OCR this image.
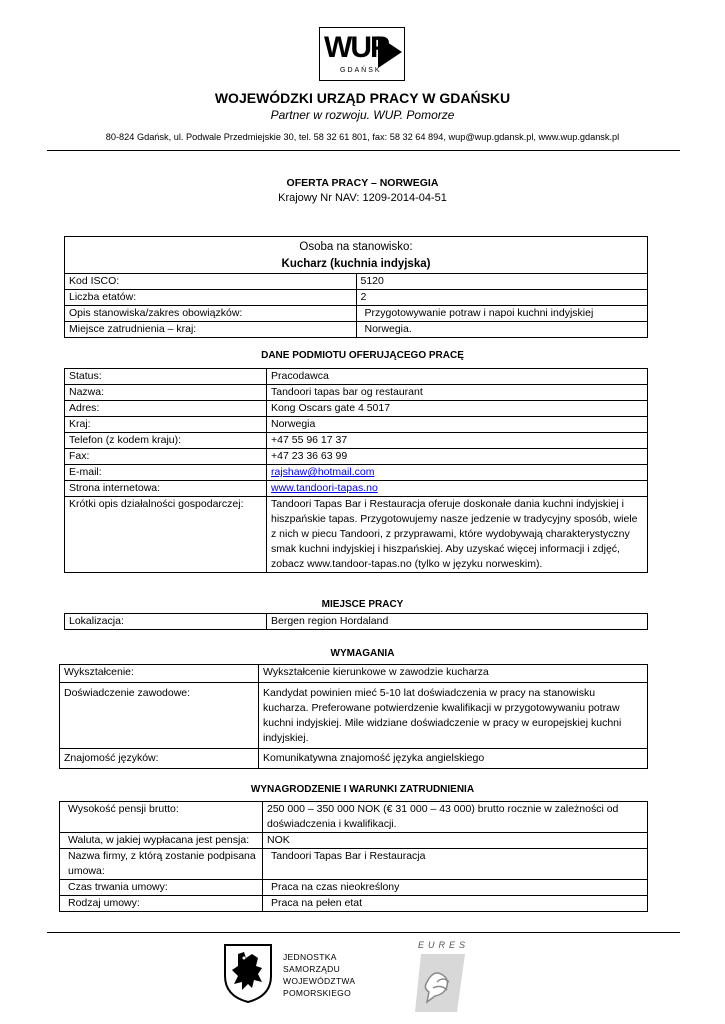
WUP
GDAŃSK
WOJEWÓDZKI URZĄD PRACY W GDAŃSKU
Partner w rozwoju. WUP. Pomorze
80-824 Gdańsk, ul. Podwale Przedmiejskie 30, tel. 58 32 61 801, fax: 58 32 64 894, wup@wup.gdansk.pl, www.wup.gdansk.pl
OFERTA PRACY – NORWEGIA
Krajowy Nr NAV: 1209-2014-04-51
Osoba na stanowisko:
Kucharz (kuchnia indyjska)	
Kod ISCO:	5120
Liczba etatów:	2
Opis stanowiska/zakres obowiązków:	Przygotowywanie potraw i napoi kuchni indyjskiej
Miejsce zatrudnienia – kraj:	Norwegia.
DANE PODMIOTU OFERUJĄCEGO PRACĘ
Status:	Pracodawca
Nazwa:	Tandoori tapas bar og restaurant
Adres:	Kong Oscars gate 4 5017
Kraj:	Norwegia
Telefon (z kodem kraju):	+47 55 96 17 37
Fax:	+47 23 36 63 99
E-mail:	rajshaw@hotmail.com
Strona internetowa:	www.tandoori-tapas.no
Krótki opis działalności gospodarczej:	Tandoori Tapas Bar i Restauracja oferuje doskonałe dania kuchni indyjskiej i hiszpańskie tapas. Przygotowujemy nasze jedzenie w tradycyjny sposób, wiele z nich w piecu Tandoori, z przyprawami, które wydobywają charakterystyczny smak kuchni indyjskiej i hiszpańskiej. Aby uzyskać więcej informacji i zdjęć, zobacz www.tandoor-tapas.no (tylko w języku norweskim).
MIEJSCE PRACY
Lokalizacja:	Bergen region Hordaland
WYMAGANIA
Wykształcenie:	Wykształcenie kierunkowe w zawodzie kucharza
Doświadczenie zawodowe:	Kandydat powinien mieć 5-10 lat doświadczenia w pracy na stanowisku kucharza. Preferowane potwierdzenie kwalifikacji w przygotowywaniu potraw kuchni indyjskiej. Mile widziane doświadczenie w pracy w europejskiej kuchni indyjskiej.
Znajomość języków:	Komunikatywna znajomość języka angielskiego
WYNAGRODZENIE I WARUNKI ZATRUDNIENIA
Wysokość pensji brutto:	250 000 – 350 000 NOK (€ 31 000 – 43 000) brutto rocznie w zależności od doświadczenia i kwalifikacji.
Waluta, w jakiej wypłacana jest pensja:	NOK
Nazwa firmy, z którą zostanie podpisana umowa:	Tandoori Tapas Bar i Restauracja
Czas trwania umowy:	Praca na czas nieokreślony
Rodzaj umowy:	Praca na pełen etat
JEDNOSTKA
SAMORZĄDU
WOJEWÓDZTWA
POMORSKIEGO
EURES
